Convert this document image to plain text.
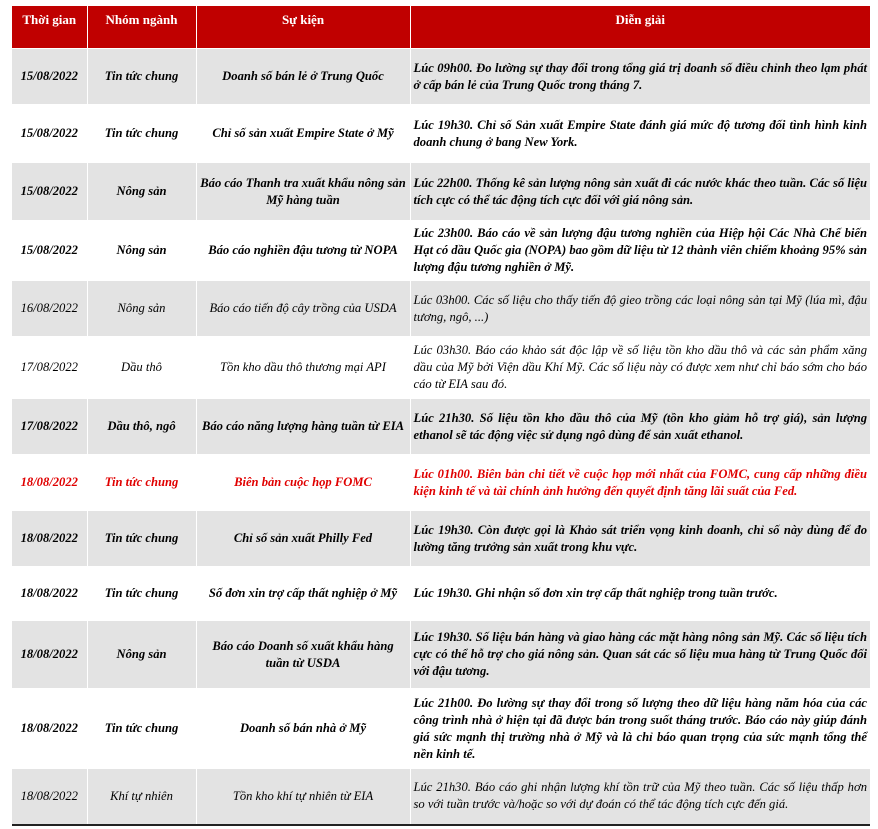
Thời gian	Nhóm ngành	Sự kiện	Diễn giải
15/08/2022	Tin tức chung	Doanh số bán lẻ ở Trung Quốc	Lúc 09h00. Đo lường sự thay đổi trong tổng giá trị doanh số điều chỉnh theo lạm phát ở cấp bán lẻ của Trung Quốc trong tháng 7.
15/08/2022	Tin tức chung	Chỉ số sản xuất Empire State ở Mỹ	Lúc 19h30. Chỉ số Sản xuất Empire State đánh giá mức độ tương đối tình hình kinh doanh chung ở bang New York.
15/08/2022	Nông sản	Báo cáo Thanh tra xuất khẩu nông sản Mỹ hàng tuần	Lúc 22h00. Thống kê sản lượng nông sản xuất đi các nước khác theo tuần. Các số liệu tích cực có thể tác động tích cực đối với giá nông sản.
15/08/2022	Nông sản	Báo cáo nghiền đậu tương từ NOPA	Lúc 23h00. Báo cáo về sản lượng đậu tương nghiền của Hiệp hội Các Nhà Chế biến Hạt có dầu Quốc gia (NOPA) bao gồm dữ liệu từ 12 thành viên chiếm khoảng 95% sản lượng đậu tương nghiền ở Mỹ.
16/08/2022	Nông sản	Báo cáo tiến độ cây trồng của USDA	Lúc 03h00. Các số liệu cho thấy tiến độ gieo trồng các loại nông sản tại Mỹ (lúa mì, đậu tương, ngô, ...)
17/08/2022	Dầu thô	Tồn kho dầu thô thương mại API	Lúc 03h30. Báo cáo khảo sát độc lập về số liệu tồn kho dầu thô và các sản phẩm xăng dầu của Mỹ bởi Viện dầu Khí Mỹ. Các số liệu này có được xem như chỉ báo sớm cho báo cáo từ EIA sau đó.
17/08/2022	Dầu thô, ngô	Báo cáo năng lượng hàng tuần từ EIA	Lúc 21h30. Số liệu tồn kho dầu thô của Mỹ (tồn kho giảm hỗ trợ giá), sản lượng ethanol sẽ tác động việc sử dụng ngô dùng để sản xuất ethanol.
18/08/2022	Tin tức chung	Biên bản cuộc họp FOMC	Lúc 01h00. Biên bản chi tiết về cuộc họp mới nhất của FOMC, cung cấp những điều kiện kinh tế và tài chính ảnh hưởng đến quyết định tăng lãi suất của Fed.
18/08/2022	Tin tức chung	Chỉ số sản xuất Philly Fed	Lúc 19h30. Còn được gọi là Khảo sát triển vọng kinh doanh, chỉ số này dùng để đo lường tăng trưởng sản xuất trong khu vực.
18/08/2022	Tin tức chung	Số đơn xin trợ cấp thất nghiệp ở Mỹ	Lúc 19h30. Ghi nhận số đơn xin trợ cấp thất nghiệp trong tuần trước.
18/08/2022	Nông sản	Báo cáo Doanh số xuất khẩu hàng tuần từ USDA	Lúc 19h30. Số liệu bán hàng và giao hàng các mặt hàng nông sản Mỹ. Các số liệu tích cực có thể hỗ trợ cho giá nông sản. Quan sát các số liệu mua hàng từ Trung Quốc đối với đậu tương.
18/08/2022	Tin tức chung	Doanh số bán nhà ở Mỹ	Lúc 21h00. Đo lường sự thay đổi trong số lượng theo dữ liệu hàng năm hóa của các công trình nhà ở hiện tại đã được bán trong suốt tháng trước. Báo cáo này giúp đánh giá sức mạnh thị trường nhà ở Mỹ và là chỉ báo quan trọng của sức mạnh tổng thể nền kinh tế.
18/08/2022	Khí tự nhiên	Tồn kho khí tự nhiên từ EIA	Lúc 21h30. Báo cáo ghi nhận lượng khí tồn trữ của Mỹ theo tuần. Các số liệu thấp hơn so với tuần trước và/hoặc so với dự đoán có thể tác động tích cực đến giá.
